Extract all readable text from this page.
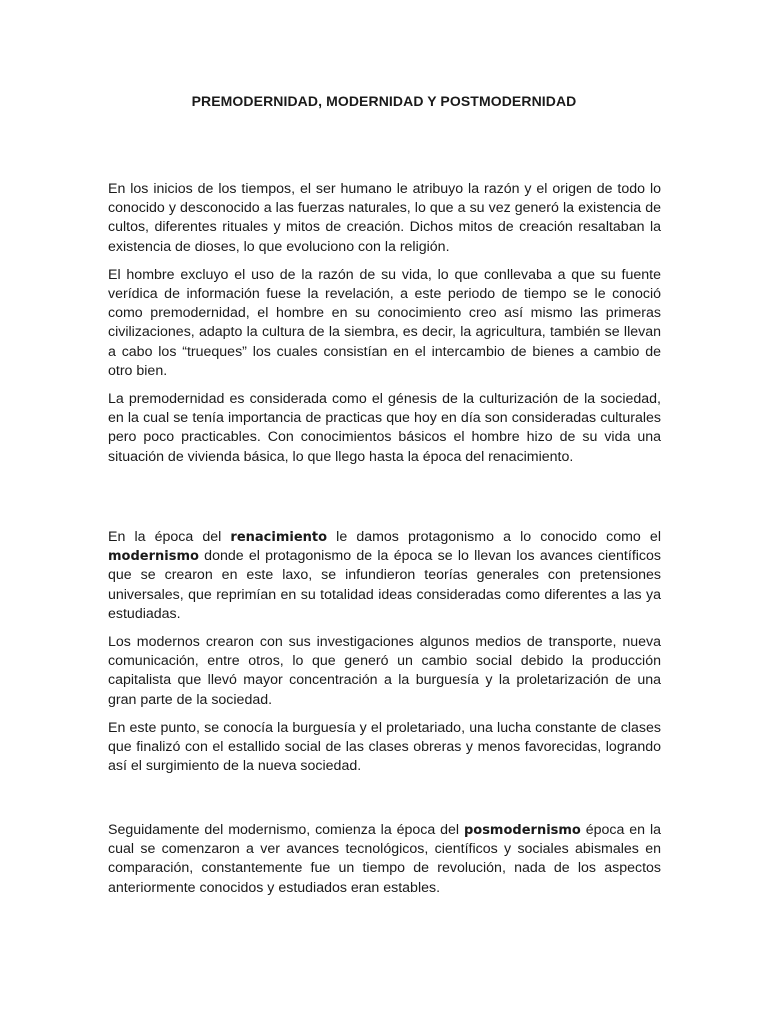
PREMODERNIDAD, MODERNIDAD Y POSTMODERNIDAD

En los inicios de los tiempos, el ser humano le atribuyo la razón y el origen de todo lo conocido y desconocido a las fuerzas naturales, lo que a su vez generó la existencia de cultos, diferentes rituales y mitos de creación. Dichos mitos de creación resaltaban la existencia de dioses, lo que evoluciono con la religión.

El hombre excluyo el uso de la razón de su vida, lo que conllevaba a que su fuente verídica de información fuese la revelación, a este periodo de tiempo se le conoció como premodernidad, el hombre en su conocimiento creo así mismo las primeras civilizaciones, adapto la cultura de la siembra, es decir, la agricultura, también se llevan a cabo los “trueques” los cuales consistían en el intercambio de bienes a cambio de otro bien.

La premodernidad es considerada como el génesis de la culturización de la sociedad, en la cual se tenía importancia de practicas que hoy en día son consideradas culturales pero poco practicables. Con conocimientos básicos el hombre hizo de su vida una situación de vivienda básica, lo que llego hasta la época del renacimiento.

En la época del renacimiento le damos protagonismo a lo conocido como el modernismo donde el protagonismo de la época se lo llevan los avances científicos que se crearon en este laxo, se infundieron teorías generales con pretensiones universales, que reprimían en su totalidad ideas consideradas como diferentes a las ya estudiadas.

Los modernos crearon con sus investigaciones algunos medios de transporte, nueva comunicación, entre otros, lo que generó un cambio social debido la producción capitalista que llevó mayor concentración a la burguesía y la proletarización de una gran parte de la sociedad.

En este punto, se conocía la burguesía y el proletariado, una lucha constante de clases que finalizó con el estallido social de las clases obreras y menos favorecidas, logrando así el surgimiento de la nueva sociedad.

Seguidamente del modernismo, comienza la época del posmodernismo época en la cual se comenzaron a ver avances tecnológicos, científicos y sociales abismales en comparación, constantemente fue un tiempo de revolución, nada de los aspectos anteriormente conocidos y estudiados eran estables.
